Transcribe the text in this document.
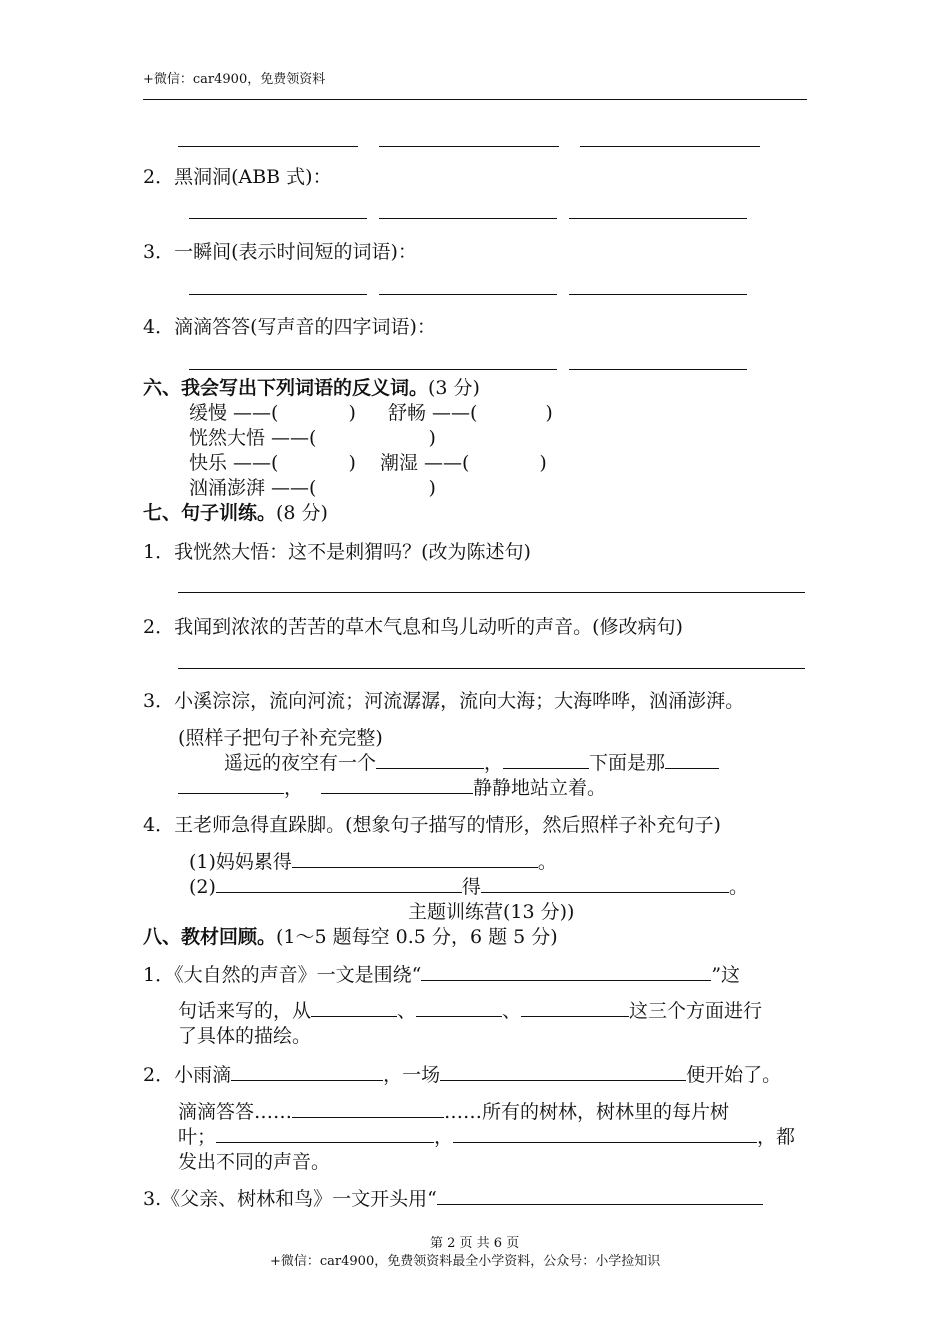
+微信：car4900，免费领资料
2．黑洞洞(ABB 式)：
3．一瞬间(表示时间短的词语)：
4．滴滴答答(写声音的四字词语)：
六、我会写出下列词语的反义词。(3 分)
缓慢 ——(	) 舒畅 ——(	)
恍然大悟 ——(	)
快乐 ——(	) 潮湿 ——(	)
汹涌澎湃 ——(	)
七、句子训练。(8 分)
1．我恍然大悟：这不是刺猬吗？(改为陈述句)
2．我闻到浓浓的苦苦的草木气息和鸟儿动听的声音。(修改病句)
3．小溪淙淙，流向河流；河流潺潺，流向大海；大海哗哗，汹涌澎湃。
(照样子把句子补充完整)
遥远的夜空有一个	，	下面是那
，	静静地站立着。
4．王老师急得直跺脚。(想象句子描写的情形，然后照样子补充句子)
(1)妈妈累得	。
(2)	得	。
主题训练营(13 分))
八、教材回顾。(1～5 题每空 0.5 分，6 题 5 分)
1．《大自然的声音》一文是围绕“	”这
句话来写的，从	、	、	这三个方面进行
了具体的描绘。
2．小雨滴	，一场	便开始了。
滴滴答答……	……所有的树林，树林里的每片树
叶；	，	，都
发出不同的声音。
3.《父亲、树林和鸟》一文开头用“
第 2 页 共 6 页
+微信：car4900，免费领资料最全小学资料，公众号：小学捡知识
